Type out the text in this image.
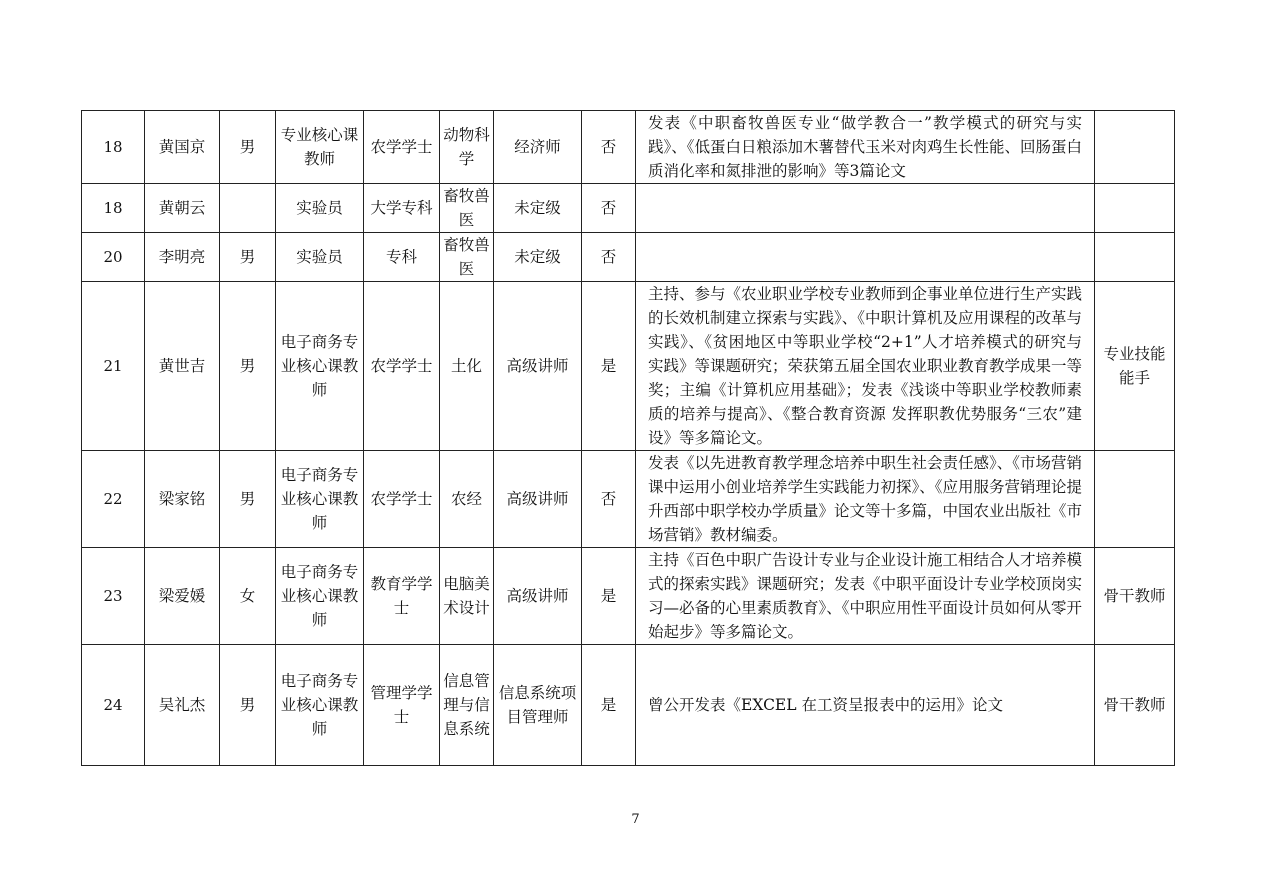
18	黄国京	男	专业核心课教师	农学学士	动物科学	经济师	否	发表《中职畜牧兽医专业“做学教合一”教学模式的研究与实践》、《低蛋白日粮添加木薯替代玉米对肉鸡生长性能、回肠蛋白质消化率和氮排泄的影响》等3篇论文	
18	黄朝云		实验员	大学专科	畜牧兽医	未定级	否		
20	李明亮	男	实验员	专科	畜牧兽医	未定级	否		
21	黄世吉	男	电子商务专业核心课教师	农学学士	土化	高级讲师	是	主持、参与《农业职业学校专业教师到企事业单位进行生产实践的长效机制建立探索与实践》、《中职计算机及应用课程的改革与实践》、《贫困地区中等职业学校“2+1”人才培养模式的研究与实践》等课题研究；荣获第五届全国农业职业教育教学成果一等奖；主编《计算机应用基础》；发表《浅谈中等职业学校教师素质的培养与提高》、《整合教育资源 发挥职教优势服务“三农”建设》等多篇论文。	专业技能能手
22	梁家铭	男	电子商务专业核心课教师	农学学士	农经	高级讲师	否	发表《以先进教育教学理念培养中职生社会责任感》、《市场营销课中运用小创业培养学生实践能力初探》、《应用服务营销理论提升西部中职学校办学质量》论文等十多篇，中国农业出版社《市场营销》教材编委。	
23	梁爱媛	女	电子商务专业核心课教师	教育学学士	电脑美术设计	高级讲师	是	主持《百色中职广告设计专业与企业设计施工相结合人才培养模式的探索实践》课题研究；发表《中职平面设计专业学校顶岗实习—必备的心里素质教育》、《中职应用性平面设计员如何从零开始起步》等多篇论文。	骨干教师
24	吴礼杰	男	电子商务专业核心课教师	管理学学士	信息管理与信息系统	信息系统项目管理师	是	曾公开发表《EXCEL 在工资呈报表中的运用》论文	骨干教师
7
